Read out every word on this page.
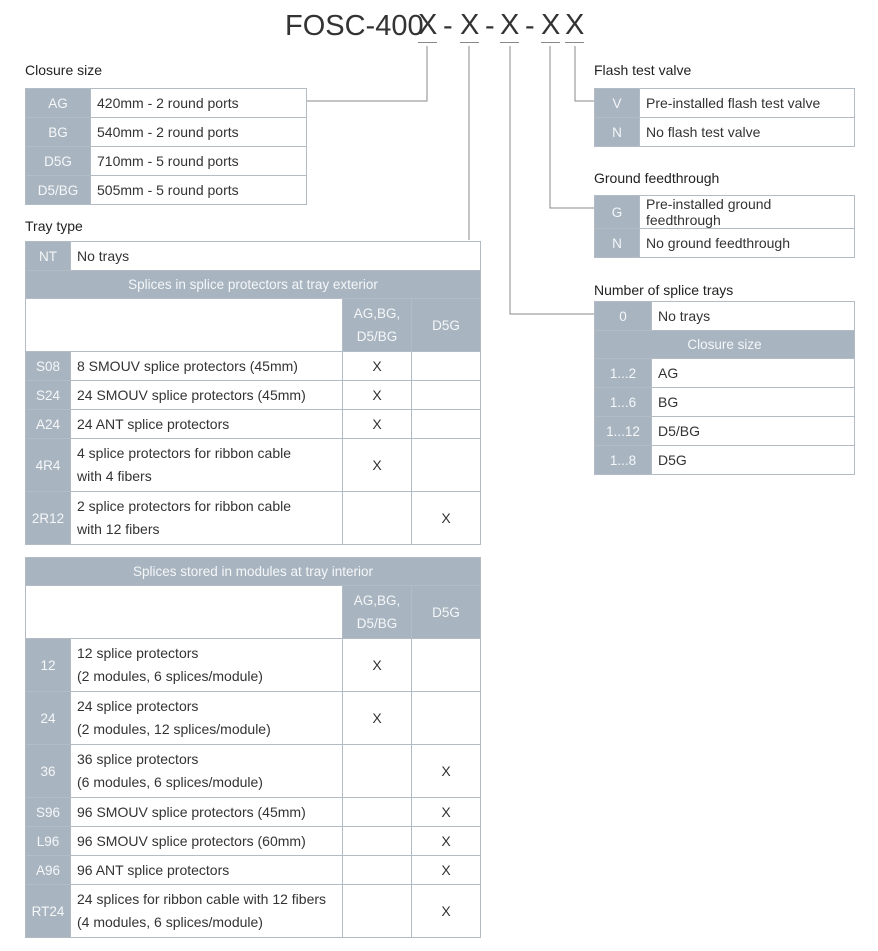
FOSC-400
X - X - X - X X
Closure size
AG	420mm - 2 round ports
BG	540mm - 2 round ports
D5G	710mm - 5 round ports
D5/BG	505mm - 5 round ports
Tray type
NT	No trays		
Splices in splice protectors at tray exterior			

		AG,BG,
D5/BG	D5G
S08	8 SMOUV splice protectors (45mm)	X	
S24	24 SMOUV splice protectors (45mm)	X	
A24	24 ANT splice protectors	X	
4R4	4 splice protectors for ribbon cable
with 4 fibers	X	
2R12	2 splice protectors for ribbon cable
with 12 fibers		X
Splices stored in modules at tray interior			

		AG,BG,
D5/BG	D5G
12	12 splice protectors
(2 modules, 6 splices/module)	X	
24	24 splice protectors
(2 modules, 12 splices/module)	X	
36	36 splice protectors
(6 modules, 6 splices/module)		X
S96	96 SMOUV splice protectors (45mm)		X
L96	96 SMOUV splice protectors (60mm)		X
A96	96 ANT splice protectors		X
RT24	24 splices for ribbon cable with 12 fibers
(4 modules, 6 splices/module)		X
Flash test valve
V	Pre-installed flash test valve
N	No flash test valve
Ground feedthrough
G	Pre-installed ground feedthrough
N	No ground feedthrough
Number of splice trays
0	No trays
Closure size	
1...2	AG
1...6	BG
1...12	D5/BG
1...8	D5G
